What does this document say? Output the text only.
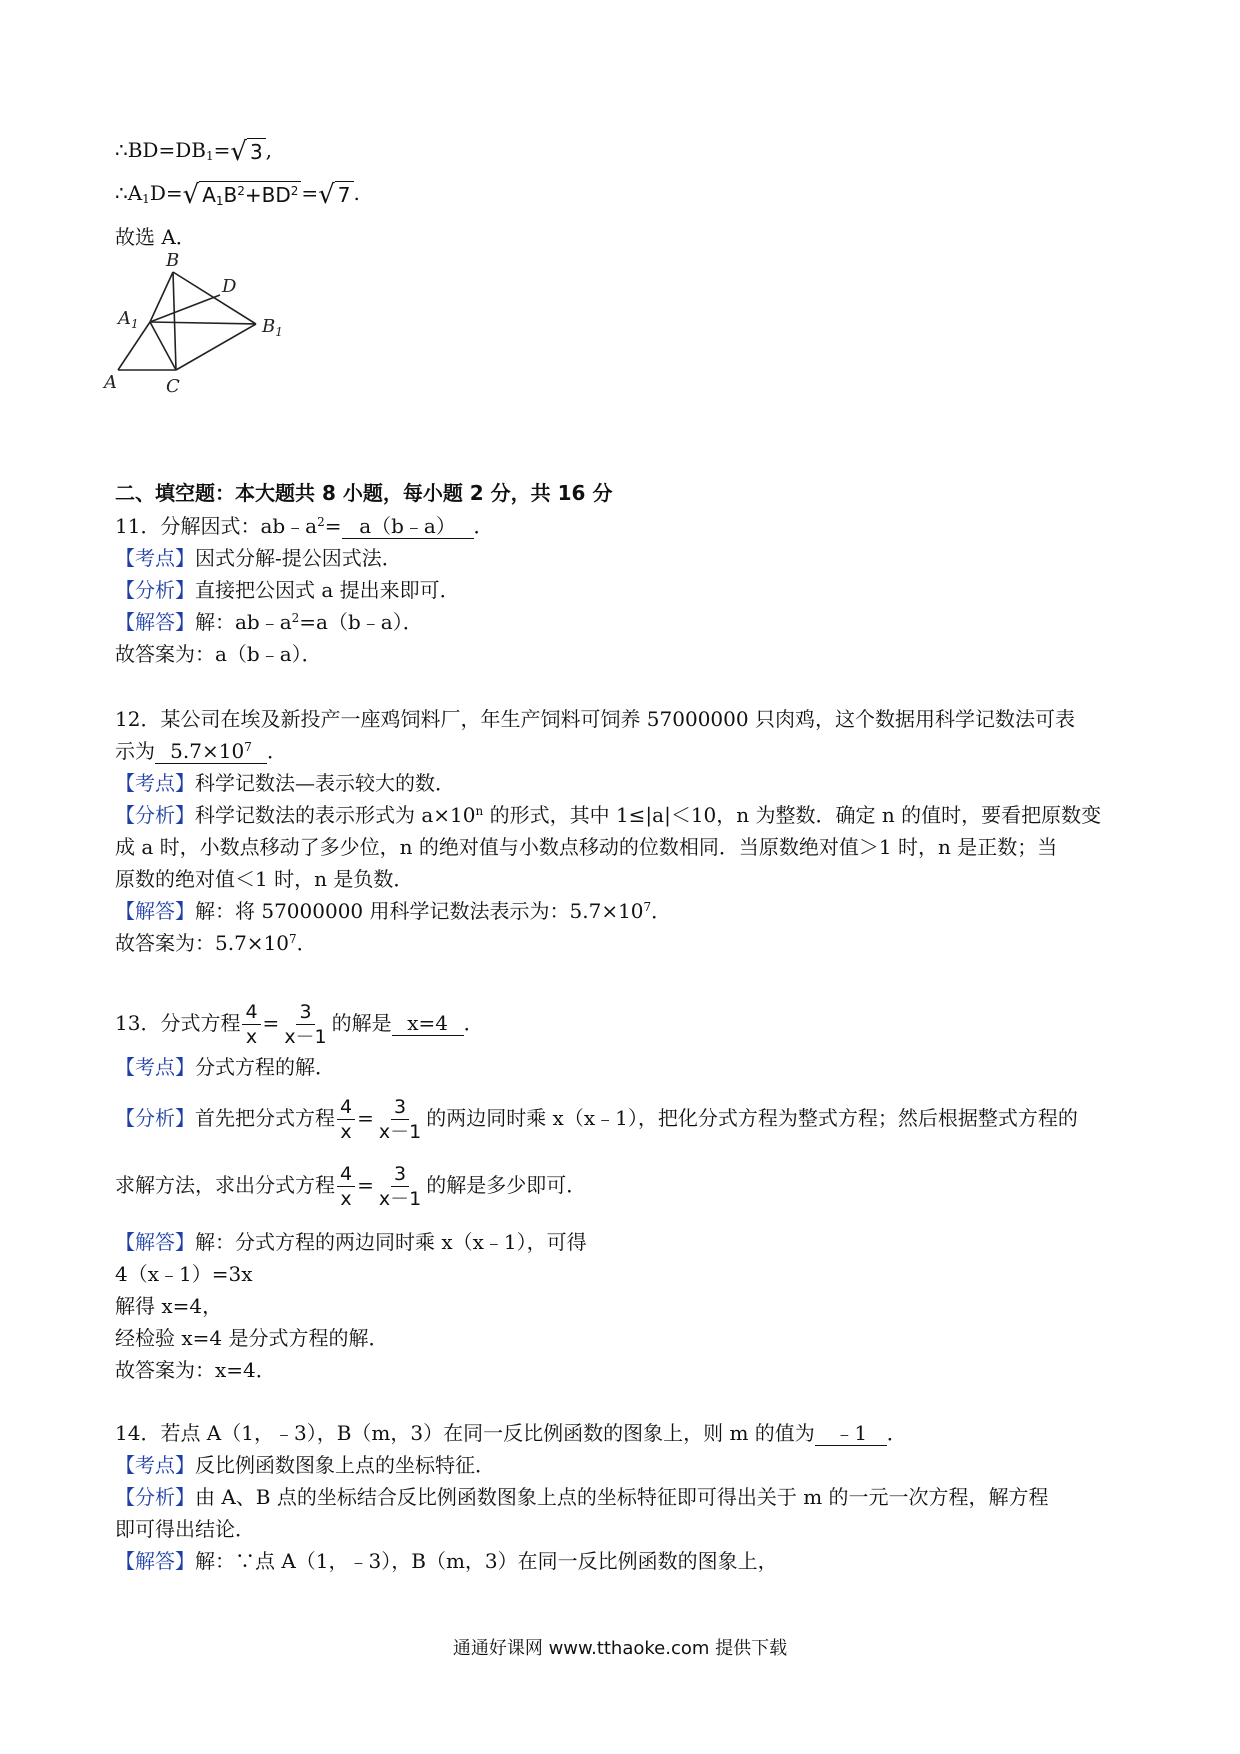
$\therefore BD=DB_1=$ √ 3 ,
$\therefore A_1D=$ √ $A_1B^2+BD^2$ = √ 7 .
故选 A．
B
D
$A_1$	$B_1$
A	C
二、填空题：本大题共 8 小题，每小题 2 分，共 16 分
11．分解因式：$ab﹣a^2=$ a（b﹣a） ．
【考点】因式分解-提公因式法．
【分析】直接把公因式 a 提出来即可．
【解答】解：$ab﹣a^2=a(b﹣a)$．
故答案为：a（b﹣a）．
12．某公司在埃及新投产一座鸡饲料厂，年生产饲料可饲养 57000000 只肉鸡，这个数据用科学记数法可表
示为 $5.7\times 10^7$ ．
【考点】科学记数法—表示较大的数．
【分析】科学记数法的表示形式为 $a\times 10^n$ 的形式，其中 1≤|a|＜10，n 为整数．确定 n 的值时，要看把原数变
成 a 时，小数点移动了多少位，n 的绝对值与小数点移动的位数相同．当原数绝对值＞1 时，n 是正数；当
原数的绝对值＜1 时，n 是负数．
【解答】解：将 57000000 用科学记数法表示为：$5.7\times 10^7$．
故答案为：$5.7\times 10^7$．
13．分式方程 $\frac{4}{x} = \frac{3}{x-1}$ 的解是 x=4 ．
【考点】分式方程的解．
【分析】首先把分式方程 $\frac{4}{x} = \frac{3}{x-1}$ 的两边同时乘 x（x﹣1），把化分式方程为整式方程；然后根据整式方程的
求解方法，求出分式方程 $\frac{4}{x} = \frac{3}{x-1}$ 的解是多少即可．
【解答】解：分式方程的两边同时乘 x（x﹣1），可得
4（x﹣1）=3x
解得 x=4，
经检验 x=4 是分式方程的解．
故答案为：x=4．
14．若点 A（1，﹣3），B（m，3）在同一反比例函数的图象上，则 m 的值为 ﹣1 ．
【考点】反比例函数图象上点的坐标特征．
【分析】由 A、B 点的坐标结合反比例函数图象上点的坐标特征即可得出关于 m 的一元一次方程，解方程
即可得出结论．
【解答】解：∵点 A（1，﹣3），B（m，3）在同一反比例函数的图象上，
通通好课网 www.tthaoke.com 提供下载
